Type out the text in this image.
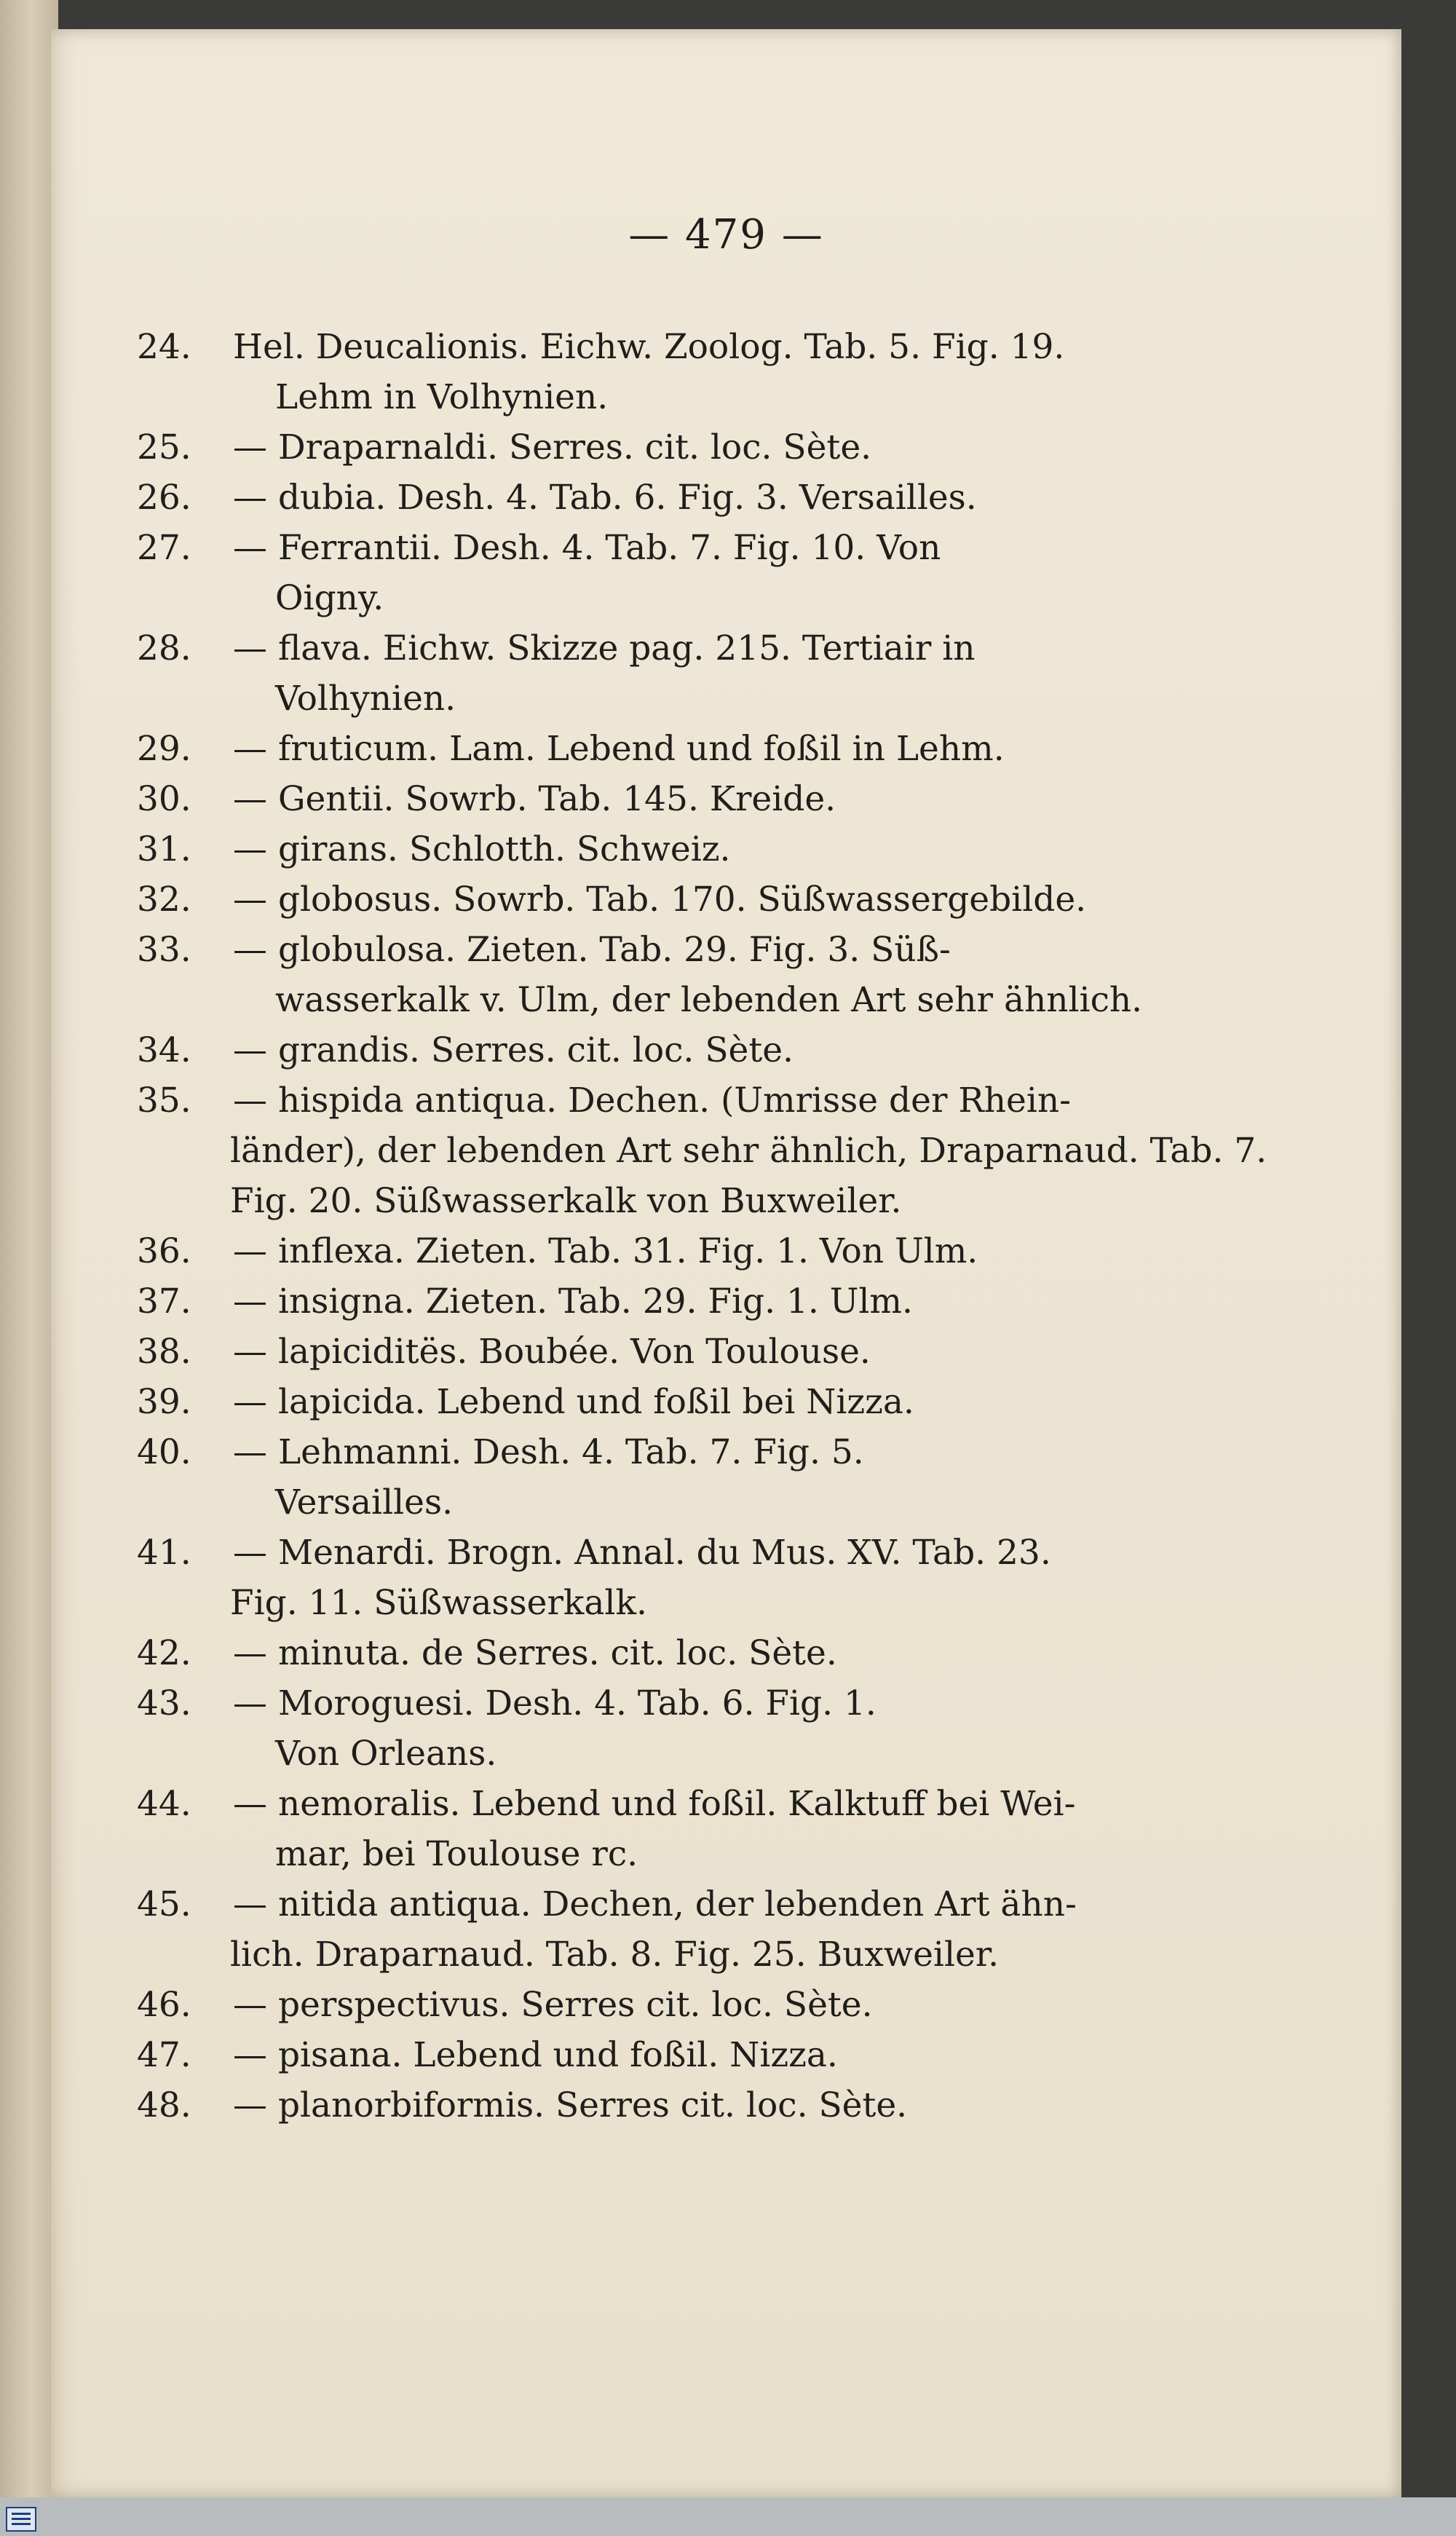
— 479 —
24. Hel. Deucalionis. Eichw. Zoolog. Tab. 5. Fig. 19.
Lehm in Volhynien.
25. — Draparnaldi. Serres. cit. loc. Sète.
26. — dubia. Desh. 4. Tab. 6. Fig. 3. Versailles.
27. — Ferrantii. Desh. 4. Tab. 7. Fig. 10. Von
Oigny.
28. — flava. Eichw. Skizze pag. 215. Tertiair in
Volhynien.
29. — fruticum. Lam. Lebend und foßil in Lehm.
30. — Gentii. Sowrb. Tab. 145. Kreide.
31. — girans. Schlotth. Schweiz.
32. — globosus. Sowrb. Tab. 170. Süßwassergebilde.
33. — globulosa. Zieten. Tab. 29. Fig. 3. Süß-
wasserkalk v. Ulm, der lebenden Art sehr ähnlich.
34. — grandis. Serres. cit. loc. Sète.
35. — hispida antiqua. Dechen. (Umrisse der Rhein-
länder), der lebenden Art sehr ähnlich, Draparnaud. Tab. 7.
Fig. 20. Süßwasserkalk von Buxweiler.
36. — inflexa. Zieten. Tab. 31. Fig. 1. Von Ulm.
37. — insigna. Zieten. Tab. 29. Fig. 1. Ulm.
38. — lapiciditës. Boubée. Von Toulouse.
39. — lapicida. Lebend und foßil bei Nizza.
40. — Lehmanni. Desh. 4. Tab. 7. Fig. 5.
Versailles.
41. — Menardi. Brogn. Annal. du Mus. XV. Tab. 23.
Fig. 11. Süßwasserkalk.
42. — minuta. de Serres. cit. loc. Sète.
43. — Moroguesi. Desh. 4. Tab. 6. Fig. 1.
Von Orleans.
44. — nemoralis. Lebend und foßil. Kalktuff bei Wei-
mar, bei Toulouse rc.
45. — nitida antiqua. Dechen, der lebenden Art ähn-
lich. Draparnaud. Tab. 8. Fig. 25. Buxweiler.
46. — perspectivus. Serres cit. loc. Sète.
47. — pisana. Lebend und foßil. Nizza.
48. — planorbiformis. Serres cit. loc. Sète.
